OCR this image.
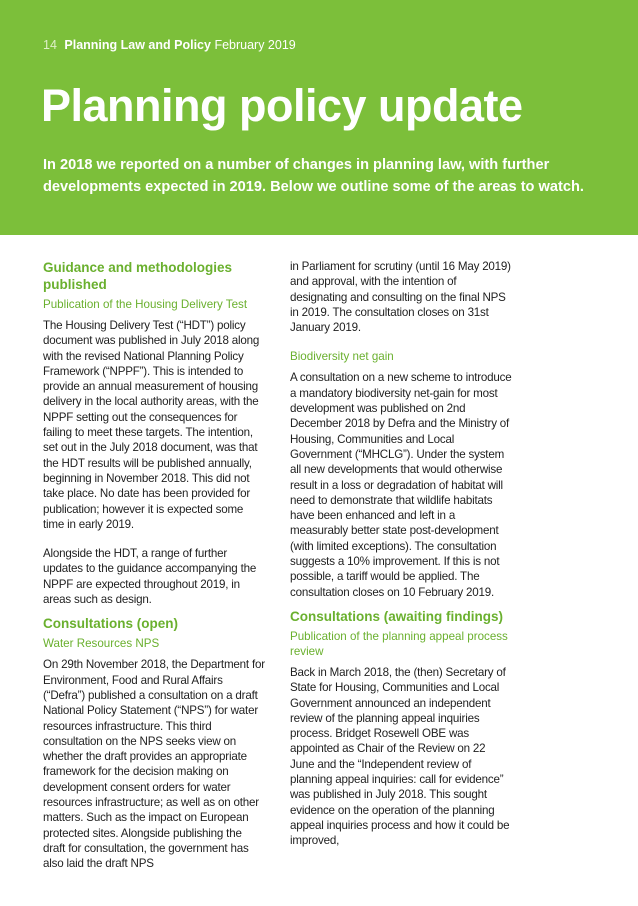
14 Planning Law and Policy February 2019
Planning policy update

In 2018 we reported on a number of changes in planning law, with further developments expected in 2019. Below we outline some of the areas to watch.

Guidance and methodologies published
Publication of the Housing Delivery Test

The Housing Delivery Test (“HDT”) policy document was published in July 2018 along with the revised National Planning Policy Framework (“NPPF”). This is intended to provide an annual measurement of housing delivery in the local authority areas, with the NPPF setting out the consequences for failing to meet these targets. The intention, set out in the July 2018 document, was that the HDT results will be published annually, beginning in November 2018. This did not take place. No date has been provided for publication; however it is expected some time in early 2019.

Alongside the HDT, a range of further updates to the guidance accompanying the NPPF are expected throughout 2019, in areas such as design.

Consultations (open)
Water Resources NPS

On 29th November 2018, the Department for Environment, Food and Rural Affairs (“Defra”) published a consultation on a draft National Policy Statement (“NPS”) for water resources infrastructure. This third consultation on the NPS seeks view on whether the draft provides an appropriate framework for the decision making on development consent orders for water resources infrastructure; as well as on other matters. Such as the impact on European protected sites. Alongside publishing the draft for consultation, the government has also laid the draft NPS

in Parliament for scrutiny (until 16 May 2019) and approval, with the intention of designating and consulting on the final NPS in 2019. The consultation closes on 31st January 2019.

Biodiversity net gain

A consultation on a new scheme to introduce a mandatory biodiversity net-gain for most development was published on 2nd December 2018 by Defra and the Ministry of Housing, Communities and Local Government (“MHCLG”). Under the system all new developments that would otherwise result in a loss or degradation of habitat will need to demonstrate that wildlife habitats have been enhanced and left in a measurably better state post-development (with limited exceptions). The consultation suggests a 10% improvement. If this is not possible, a tariff would be applied. The consultation closes on 10 February 2019.

Consultations (awaiting findings)
Publication of the planning appeal process review

Back in March 2018, the (then) Secretary of State for Housing, Communities and Local Government announced an independent review of the planning appeal inquiries process. Bridget Rosewell OBE was appointed as Chair of the Review on 22 June and the “Independent review of planning appeal inquiries: call for evidence” was published in July 2018. This sought evidence on the operation of the planning appeal inquiries process and how it could be improved,
